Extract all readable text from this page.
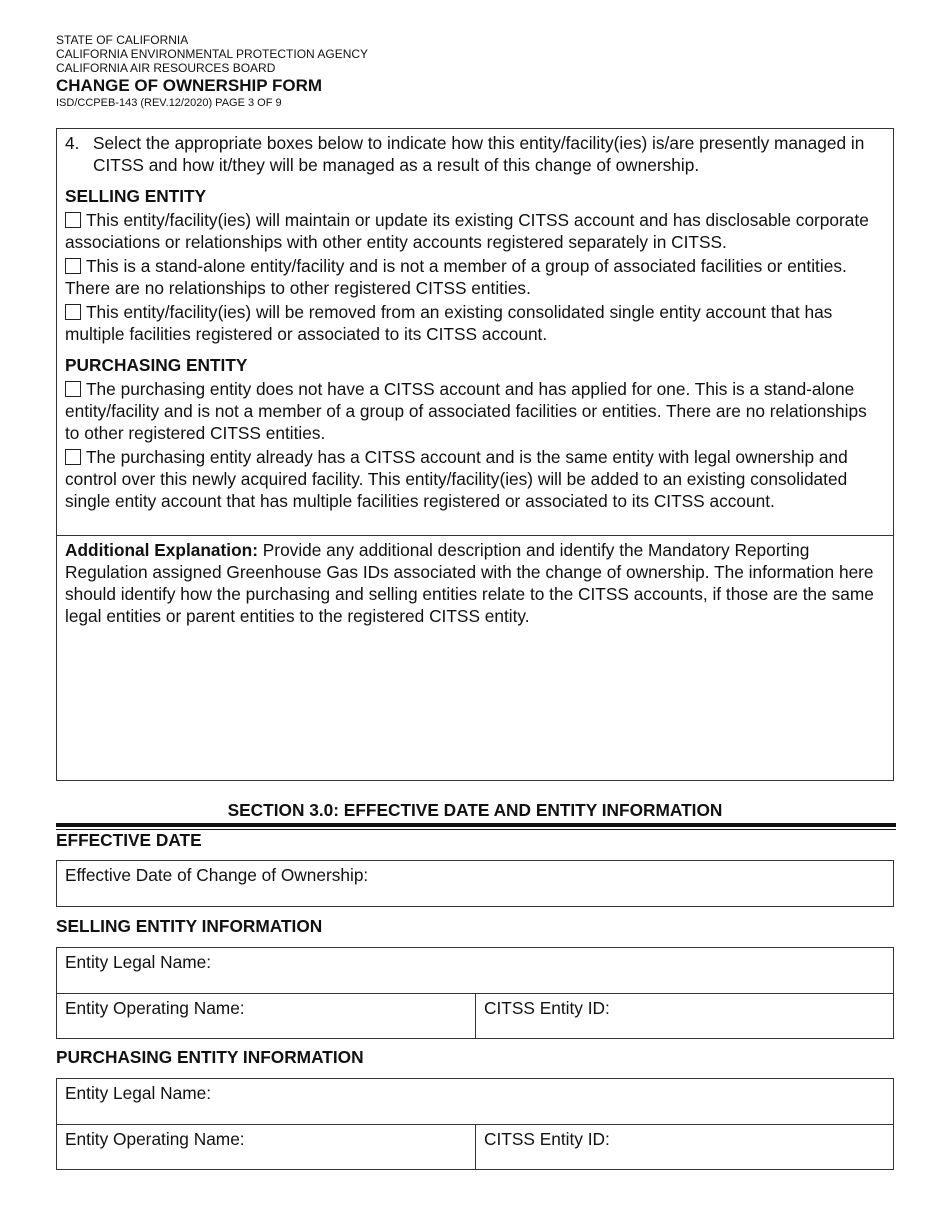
STATE OF CALIFORNIA
CALIFORNIA ENVIRONMENTAL PROTECTION AGENCY
CALIFORNIA AIR RESOURCES BOARD
CHANGE OF OWNERSHIP FORM
ISD/CCPEB-143 (REV.12/2020) PAGE 3 OF 9
4. Select the appropriate boxes below to indicate how this entity/facility(ies) is/are presently managed in CITSS and how it/they will be managed as a result of this change of ownership.
SELLING ENTITY
This entity/facility(ies) will maintain or update its existing CITSS account and has disclosable corporate associations or relationships with other entity accounts registered separately in CITSS.
This is a stand-alone entity/facility and is not a member of a group of associated facilities or entities. There are no relationships to other registered CITSS entities.
This entity/facility(ies) will be removed from an existing consolidated single entity account that has multiple facilities registered or associated to its CITSS account.
PURCHASING ENTITY
The purchasing entity does not have a CITSS account and has applied for one. This is a stand-alone entity/facility and is not a member of a group of associated facilities or entities. There are no relationships to other registered CITSS entities.
The purchasing entity already has a CITSS account and is the same entity with legal ownership and control over this newly acquired facility. This entity/facility(ies) will be added to an existing consolidated single entity account that has multiple facilities registered or associated to its CITSS account.
Additional Explanation: Provide any additional description and identify the Mandatory Reporting Regulation assigned Greenhouse Gas IDs associated with the change of ownership. The information here should identify how the purchasing and selling entities relate to the CITSS accounts, if those are the same legal entities or parent entities to the registered CITSS entity.
SECTION 3.0: EFFECTIVE DATE AND ENTITY INFORMATION
EFFECTIVE DATE
Effective Date of Change of Ownership:
SELLING ENTITY INFORMATION
Entity Legal Name:
Entity Operating Name:	CITSS Entity ID:
PURCHASING ENTITY INFORMATION
Entity Legal Name:
Entity Operating Name:	CITSS Entity ID:
